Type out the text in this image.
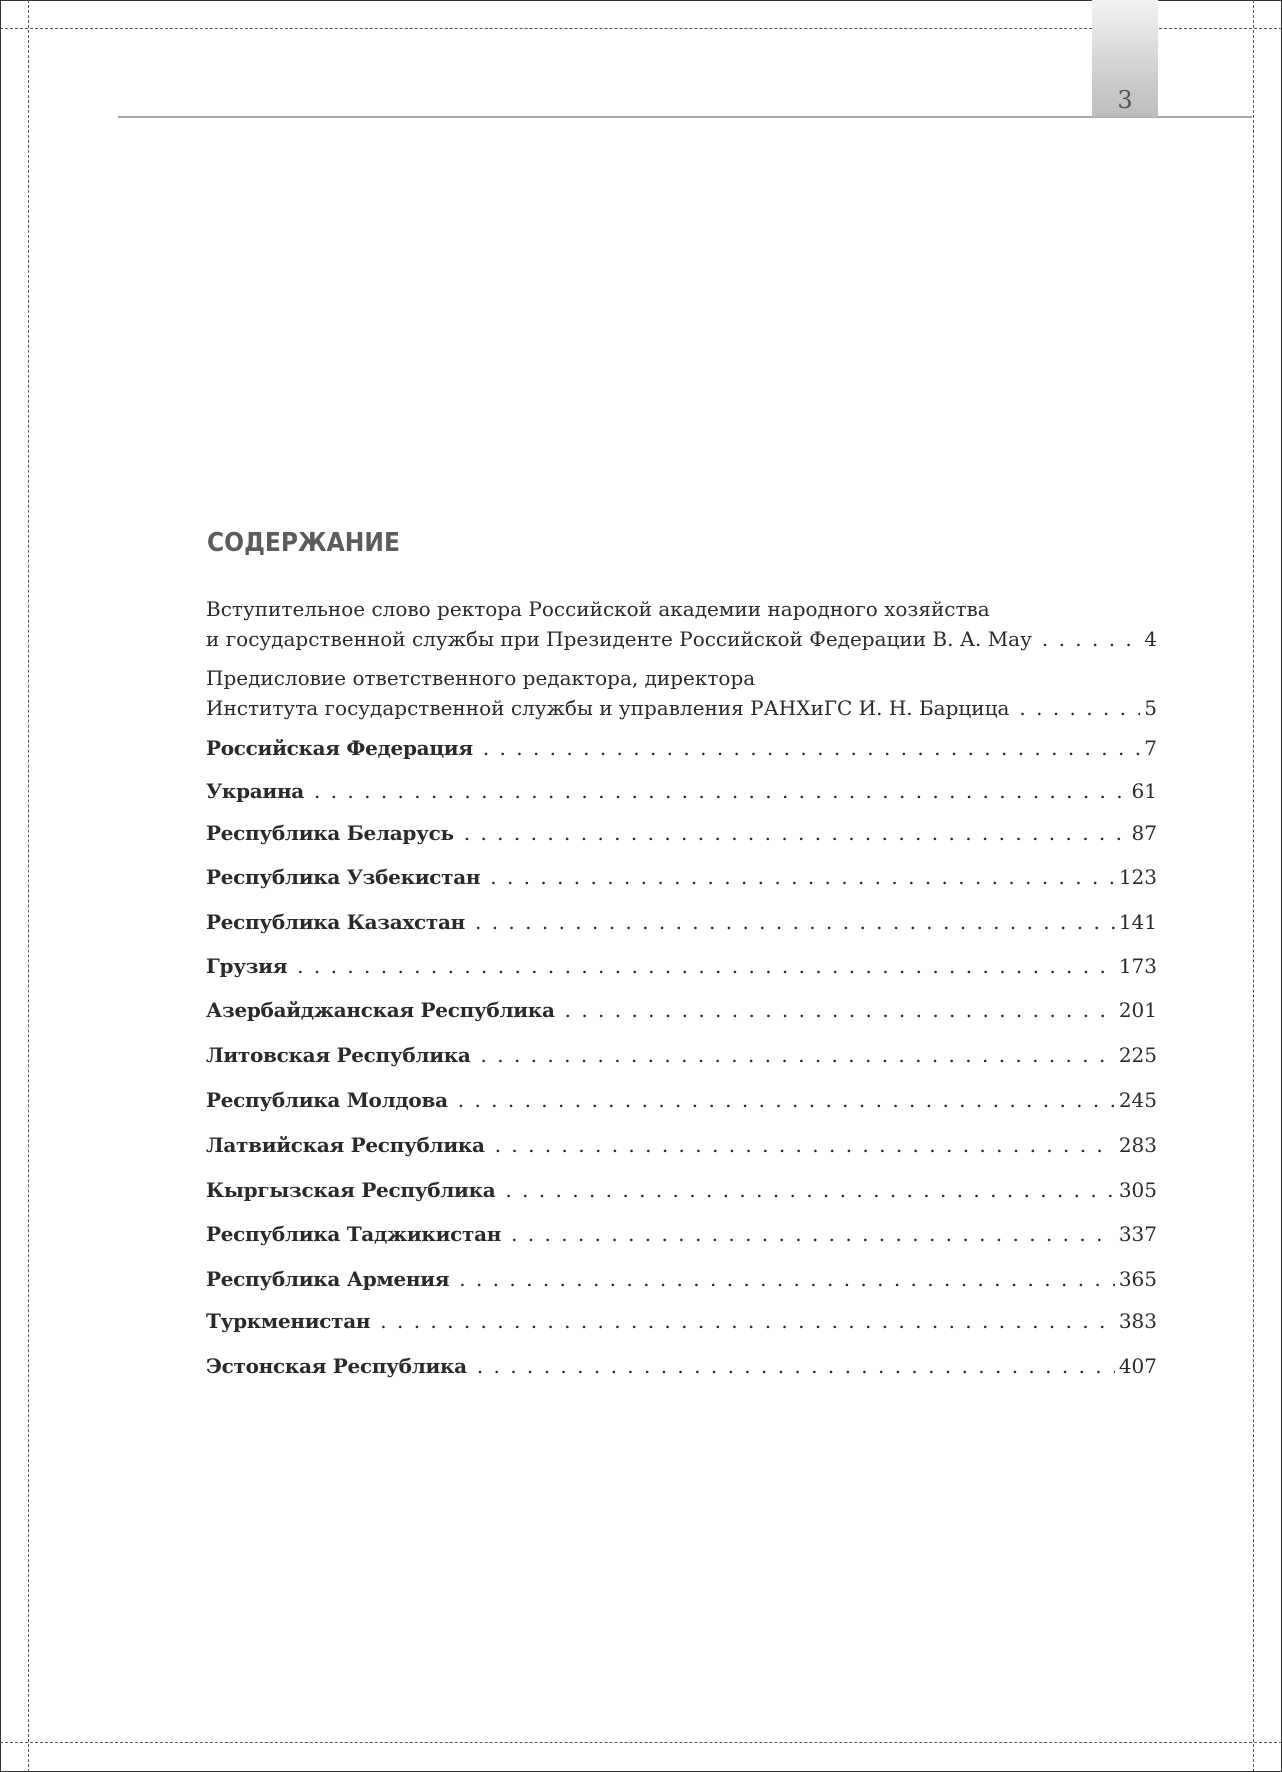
3
СОДЕРЖАНИЕ
Вступительное слово ректора Российской академии народного хозяйства
и государственной службы при Президенте Российской Федерации В. А. Мау . . .	4
Предисловие ответственного редактора, директора
Института государственной службы и управления РАНХиГС И. Н. Барцица . . .	5
Российская Федерация . . .	7
Украина . . .	61
Республика Беларусь . . .	87
Республика Узбекистан . . .	123
Республика Казахстан . . .	141
Грузия . . .	173
Азербайджанская Республика . . .	201
Литовская Республика . . .	225
Республика Молдова . . .	245
Латвийская Республика . . .	283
Кыргызская Республика . . .	305
Республика Таджикистан . . .	337
Республика Армения . . .	365
Туркменистан . . .	383
Эстонская Республика . . .	407
